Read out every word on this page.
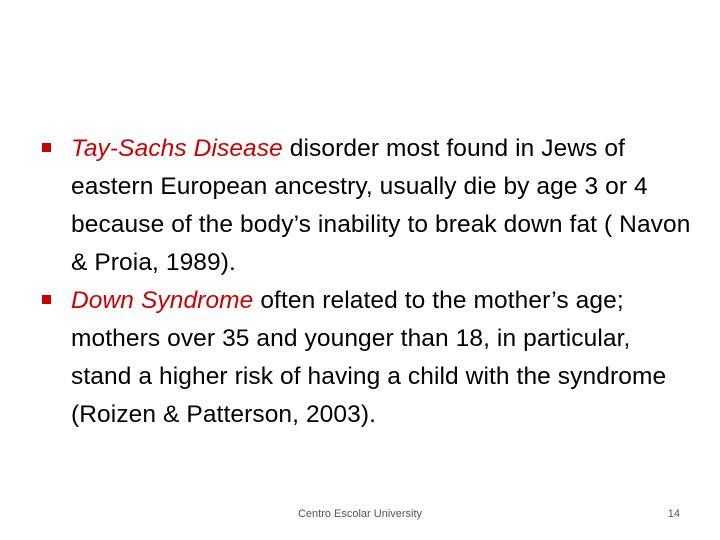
Tay-Sachs Disease disorder most found in Jews of eastern European ancestry, usually die by age 3 or 4 because of the body’s inability to break down fat ( Navon & Proia, 1989).
Down Syndrome often related to the mother’s age; mothers over 35 and younger than 18, in particular, stand a higher risk of having a child with the syndrome (Roizen & Patterson, 2003).
Centro Escolar University	14
